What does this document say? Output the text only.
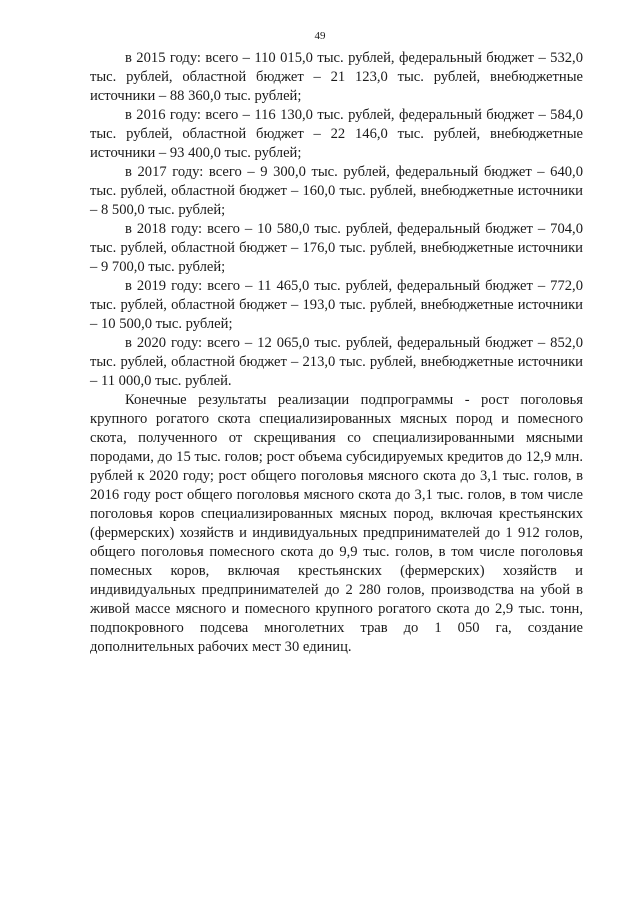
49

в 2015 году: всего – 110 015,0 тыс. рублей, федеральный бюджет – 532,0 тыс. рублей, областной бюджет – 21 123,0 тыс. рублей, внебюджетные источники – 88 360,0 тыс. рублей;

в 2016 году: всего – 116 130,0 тыс. рублей, федеральный бюджет – 584,0 тыс. рублей, областной бюджет – 22 146,0 тыс. рублей, внебюджетные источники – 93 400,0 тыс. рублей;

в 2017 году: всего – 9 300,0 тыс. рублей, федеральный бюджет – 640,0 тыс. рублей, областной бюджет – 160,0 тыс. рублей, внебюджетные источники – 8 500,0 тыс. рублей;

в 2018 году: всего – 10 580,0 тыс. рублей, федеральный бюджет – 704,0 тыс. рублей, областной бюджет – 176,0 тыс. рублей, внебюджетные источники – 9 700,0 тыс. рублей;

в 2019 году: всего – 11 465,0 тыс. рублей, федеральный бюджет – 772,0 тыс. рублей, областной бюджет – 193,0 тыс. рублей, внебюджетные источники – 10 500,0 тыс. рублей;

в 2020 году: всего – 12 065,0 тыс. рублей, федеральный бюджет – 852,0 тыс. рублей, областной бюджет – 213,0 тыс. рублей, внебюджетные источники – 11 000,0 тыс. рублей.

Конечные результаты реализации подпрограммы - рост поголовья крупного рогатого скота специализированных мясных пород и помесного скота, полученного от скрещивания со специализированными мясными породами, до 15 тыс. голов; рост объема субсидируемых кредитов до 12,9 млн. рублей к 2020 году; рост общего поголовья мясного скота до 3,1 тыс. голов, в 2016 году рост общего поголовья мясного скота до 3,1 тыс. голов, в том числе поголовья коров специализированных мясных пород, включая крестьянских (фермерских) хозяйств и индивидуальных предпринимателей до 1 912 голов, общего поголовья помесного скота до 9,9 тыс. голов, в том числе поголовья помесных коров, включая крестьянских (фермерских) хозяйств и индивидуальных предпринимателей до 2 280 голов, производства на убой в живой массе мясного и помесного крупного рогатого скота до 2,9 тыс. тонн, подпокровного подсева многолетних трав до 1 050 га, создание дополнительных рабочих мест 30 единиц.
